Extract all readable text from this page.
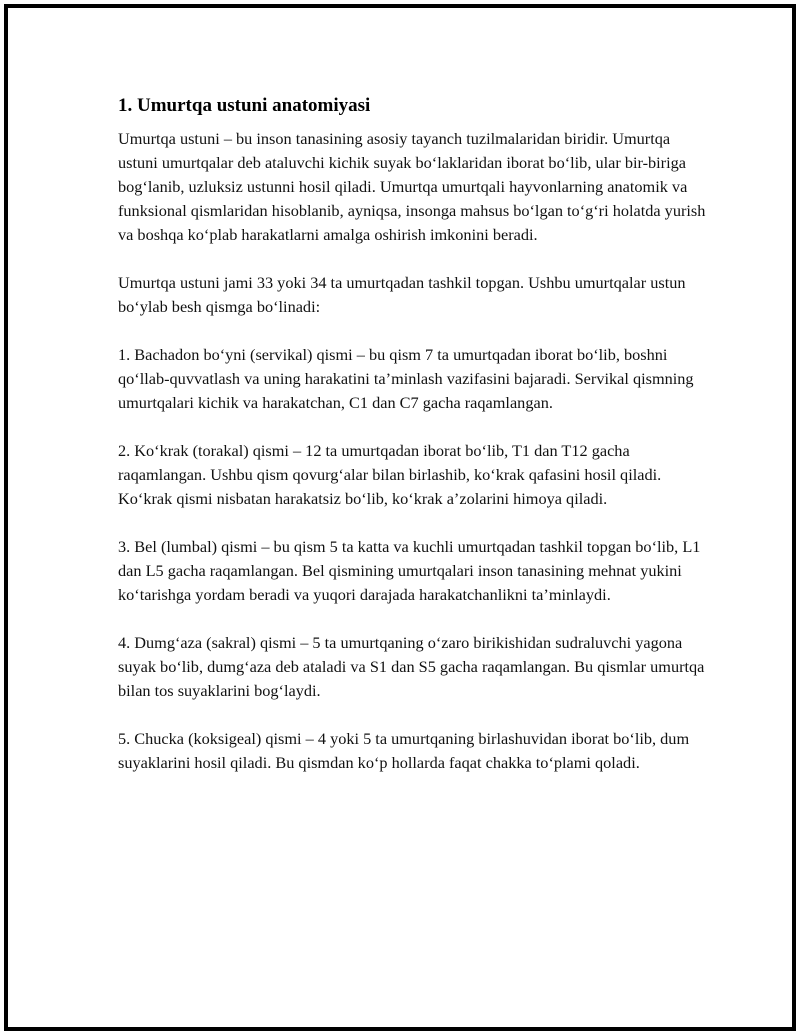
1. Umurtqa ustuni anatomiyasi

Umurtqa ustuni – bu inson tanasining asosiy tayanch tuzilmalaridan biridir. Umurtqa ustuni umurtqalar deb ataluvchi kichik suyak boʻlaklaridan iborat boʻlib, ular bir-biriga bogʻlanib, uzluksiz ustunni hosil qiladi. Umurtqa umurtqali hayvonlarning anatomik va funksional qismlaridan hisoblanib, ayniqsa, insonga mahsus boʻlgan toʻgʻri holatda yurish va boshqa koʻplab harakatlarni amalga oshirish imkonini beradi.

Umurtqa ustuni jami 33 yoki 34 ta umurtqadan tashkil topgan. Ushbu umurtqalar ustun boʻylab besh qismga boʻlinadi:

1. Bachadon boʻyni (servikal) qismi – bu qism 7 ta umurtqadan iborat boʻlib, boshni qoʻllab-quvvatlash va uning harakatini taʼminlash vazifasini bajaradi. Servikal qismning umurtqalari kichik va harakatchan, C1 dan C7 gacha raqamlangan.

2. Koʻkrak (torakal) qismi – 12 ta umurtqadan iborat boʻlib, T1 dan T12 gacha raqamlangan. Ushbu qism qovurgʻalar bilan birlashib, koʻkrak qafasini hosil qiladi. Koʻkrak qismi nisbatan harakatsiz boʻlib, koʻkrak aʼzolarini himoya qiladi.

3. Bel (lumbal) qismi – bu qism 5 ta katta va kuchli umurtqadan tashkil topgan boʻlib, L1 dan L5 gacha raqamlangan. Bel qismining umurtqalari inson tanasining mehnat yukini koʻtarishga yordam beradi va yuqori darajada harakatchanlikni taʼminlaydi.

4. Dumgʻaza (sakral) qismi – 5 ta umurtqaning oʻzaro birikishidan sudraluvchi yagona suyak boʻlib, dumgʻaza deb ataladi va S1 dan S5 gacha raqamlangan. Bu qismlar umurtqa bilan tos suyaklarini bogʻlaydi.

5. Chucka (koksigeal) qismi – 4 yoki 5 ta umurtqaning birlashuvidan iborat boʻlib, dum suyaklarini hosil qiladi. Bu qismdan koʻp hollarda faqat chakka toʻplami qoladi.
